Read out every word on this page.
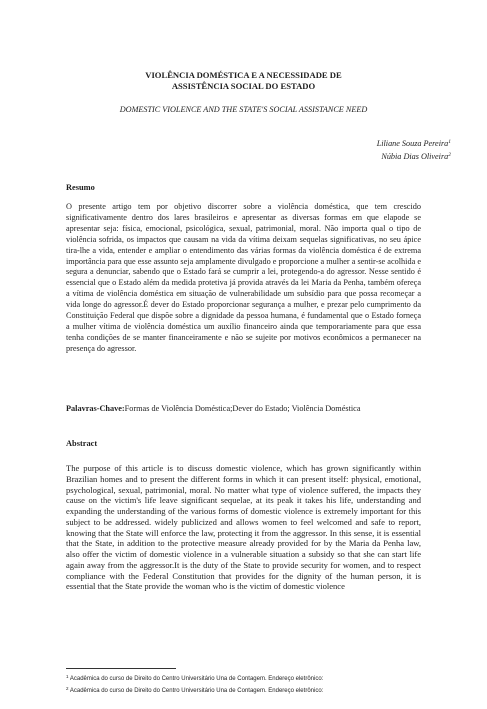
VIOLÊNCIA DOMÉSTICA E A NECESSIDADE DE
ASSISTÊNCIA SOCIAL DO ESTADO
DOMESTIC VIOLENCE AND THE STATE'S SOCIAL ASSISTANCE NEED
Liliane Souza Pereira$^1$
Núbia Dias Oliveira$^2$
Resumo

O presente artigo tem por objetivo discorrer sobre a violência doméstica, que tem crescido significativamente dentro dos lares brasileiros e apresentar as diversas formas em que elapode se apresentar seja: física, emocional, psicológica, sexual, patrimonial, moral. Não importa qual o tipo de violência sofrida, os impactos que causam na vida da vítima deixam sequelas significativas, no seu ápice tira-lhe a vida, entender e ampliar o entendimento das várias formas da violência doméstica é de extrema importância para que esse assunto seja amplamente divulgado e proporcione a mulher a sentir-se acolhida e segura a denunciar, sabendo que o Estado fará se cumprir a lei, protegendo-a do agressor. Nesse sentido é essencial que o Estado além da medida protetiva já provida através da lei Maria da Penha, também ofereça a vítima de violência doméstica em situação de vulnerabilidade um subsídio para que possa recomeçar a vida longe do agressor.É dever do Estado proporcionar segurança a mulher, e prezar pelo cumprimento da Constituição Federal que dispõe sobre a dignidade da pessoa humana, é fundamental que o Estado forneça a mulher vítima de violência doméstica um auxílio financeiro ainda que temporariamente para que essa tenha condições de se manter financeiramente e não se sujeite por motivos econômicos a permanecer na presença do agressor.

Palavras-Chave:Formas de Violência Doméstica;Dever do Estado; Violência Doméstica
Abstract

The purpose of this article is to discuss domestic violence, which has grown significantly within Brazilian homes and to present the different forms in which it can present itself: physical, emotional, psychological, sexual, patrimonial, moral. No matter what type of violence suffered, the impacts they cause on the victim's life leave significant sequelae, at its peak it takes his life, understanding and expanding the understanding of the various forms of domestic violence is extremely important for this subject to be addressed. widely publicized and allows women to feel welcomed and safe to report, knowing that the State will enforce the law, protecting it from the aggressor. In this sense, it is essential that the State, in addition to the protective measure already provided for by the Maria da Penha law, also offer the victim of domestic violence in a vulnerable situation a subsidy so that she can start life again away from the aggressor.It is the duty of the State to provide security for women, and to respect compliance with the Federal Constitution that provides for the dignity of the human person, it is essential that the State provide the woman who is the victim of domestic violence

$^1$ Acadêmica do curso de Direito do Centro Universitário Una de Contagem. Endereço eletrônico:
$^2$ Acadêmica do curso de Direito do Centro Universitário Una de Contagem. Endereço eletrônico:
